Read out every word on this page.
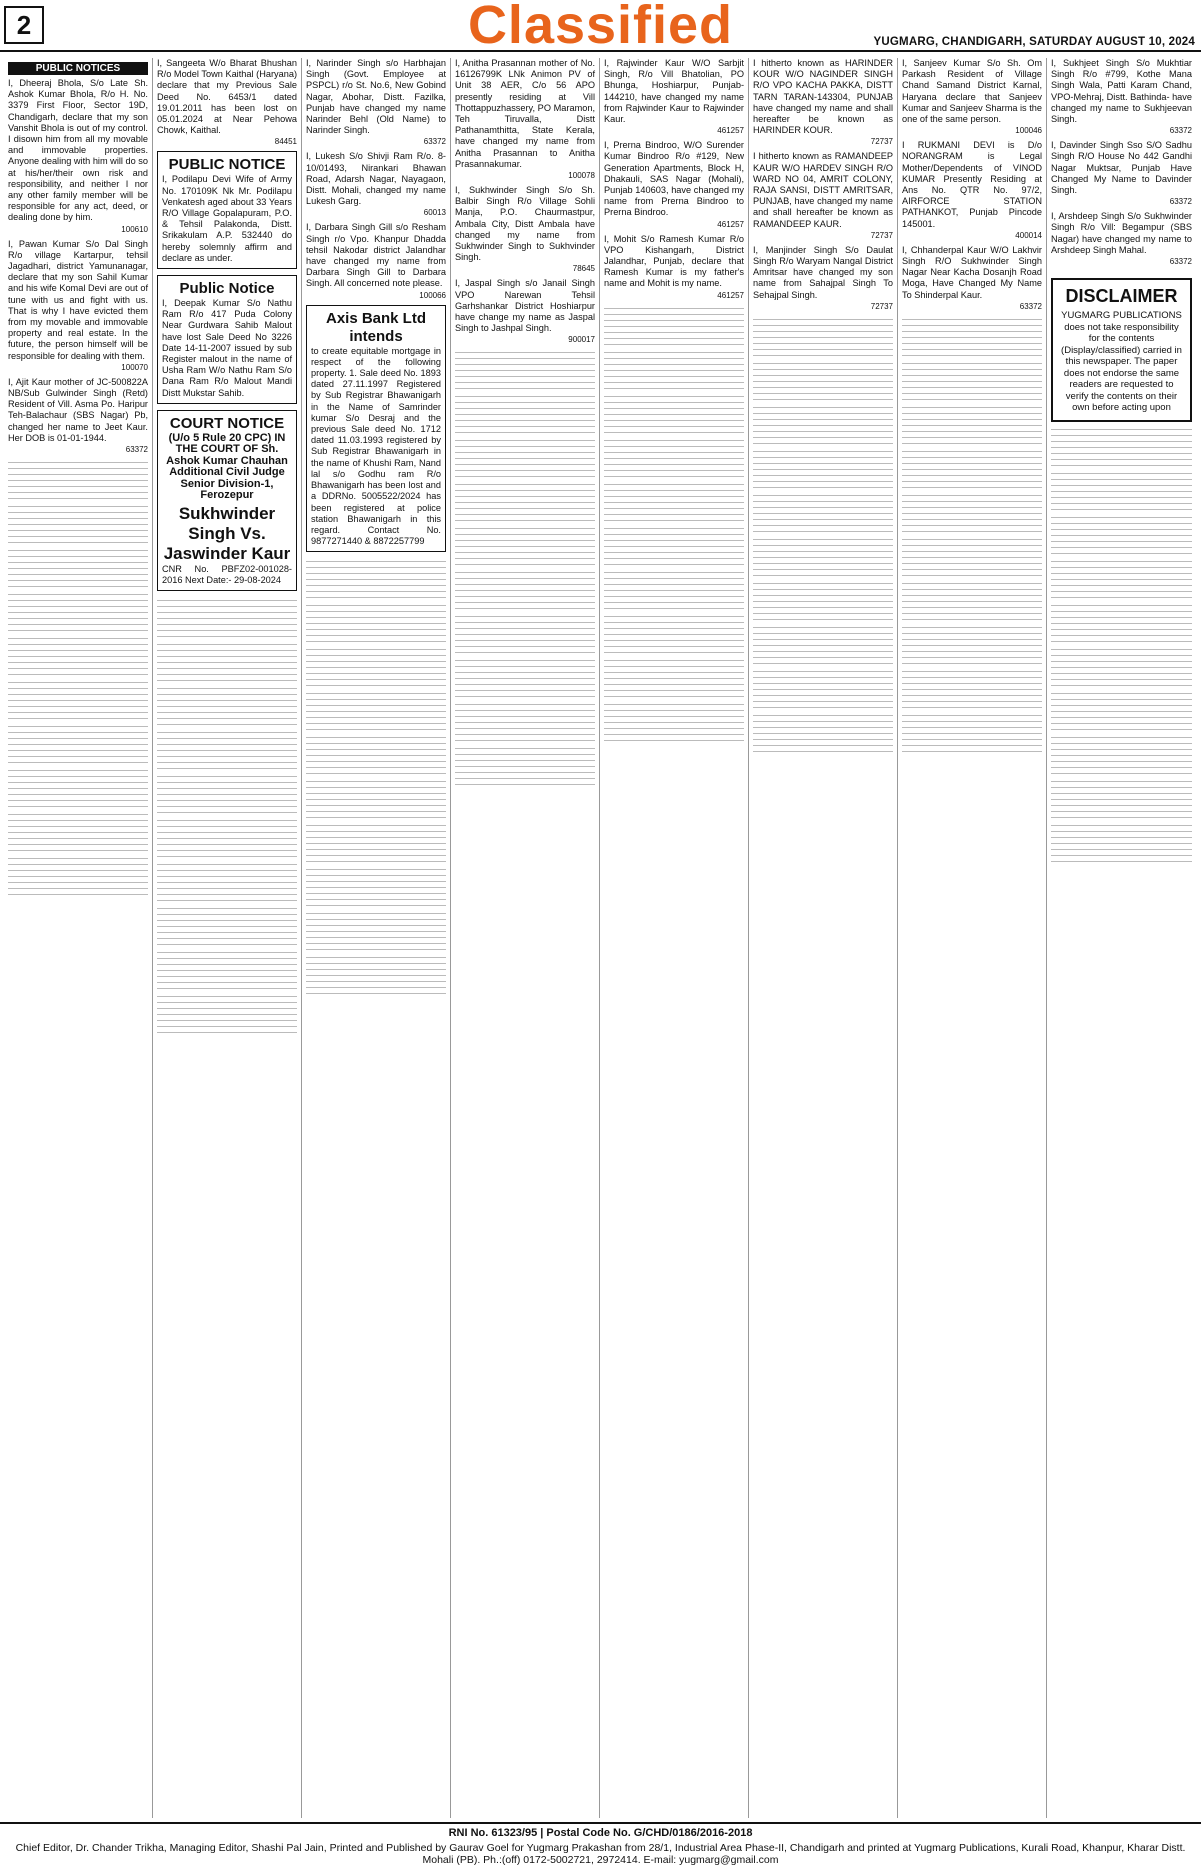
2	Classified	YUGMARG, CHANDIGARH, SATURDAY AUGUST 10, 2024
PUBLIC NOTICES
I, Dheeraj Bhola, S/o Late Sh. Ashok Kumar Bhola, R/o H. No. 3379 First Floor, Sector 19D, Chandigarh, declare that my son Vanshit Bhola is out of my control. I disown him from all my movable and immovable properties. Anyone dealing with him will do so at his/her/their own risk and responsibility, and neither I nor any other family member will be responsible for any act, deed, or dealing done by him.
100610
I, Pawan Kumar S/o Dal Singh R/o village Kartarpur, tehsil Jagadhari, district Yamunanagar, declare that my son Sahil Kumar and his wife Komal Devi are out of tune with us and fight with us. That is why I have evicted them from my movable and immovable property and real estate. In the future, the person himself will be responsible for dealing with them.
100070
I, Ajit Kaur mother of JC-500822A NB/Sub Gulwinder Singh (Retd) Resident of Vill. Asma Po. Haripur Teh-Balachaur (SBS Nagar) Pb, changed her name to Jeet Kaur. Her DOB is 01-01-1944.
63372
I, Sangeeta W/o Bharat Bhushan R/o Model Town Kaithal (Haryana) declare that my Previous Sale Deed No. 6453/1 dated 19.01.2011 has been lost on 05.01.2024 at Near Pehowa Chowk, Kaithal.
84451
PUBLIC NOTICE
I, Podilapu Devi Wife of Army No. 170109K Nk Mr. Podilapu Venkatesh aged about 33 Years R/O Village Gopalapuram, P.O. & Tehsil Palakonda, Distt. Srikakulam A.P. 532440 do hereby solemnly affirm and declare as under.
Public Notice
I, Deepak Kumar S/o Nathu Ram R/o 417 Puda Colony Near Gurdwara Sahib Malout have lost Sale Deed No 3226 Date 14-11-2007 issued by sub Register malout in the name of Usha Ram W/o Nathu Ram S/o Dana Ram R/o Malout Mandi Distt Mukstar Sahib.
COURT NOTICE
(U/o 5 Rule 20 CPC) IN THE COURT OF Sh. Ashok Kumar Chauhan Additional Civil Judge Senior Division-1, Ferozepur
Sukhwinder Singh Vs. Jaswinder Kaur
CNR No. PBFZ02-001028-2016 Next Date:- 29-08-2024
I, Narinder Singh s/o Harbhajan Singh (Govt. Employee at PSPCL) r/o St. No.6, New Gobind Nagar, Abohar, Distt. Fazilka, Punjab have changed my name Narinder Behl (Old Name) to Narinder Singh.
63372
I, Lukesh S/o Shivji Ram R/o. 8-10/01493, Nirankari Bhawan Road, Adarsh Nagar, Nayagaon, Distt. Mohali, changed my name Lukesh Garg.
60013
I, Darbara Singh Gill s/o Resham Singh r/o Vpo. Khanpur Dhadda tehsil Nakodar district Jalandhar have changed my name from Darbara Singh Gill to Darbara Singh. All concerned note please.
100066
Axis Bank Ltd intends
to create equitable mortgage in respect of the following property. 1. Sale deed No. 1893 dated 27.11.1997 Registered by Sub Registrar Bhawanigarh in the Name of Samrinder kumar S/o Desraj and the previous Sale deed No. 1712 dated 11.03.1993 registered by Sub Registrar Bhawanigarh in the name of Khushi Ram, Nand lal s/o Godhu ram R/o Bhawanigarh has been lost and a DDRNo. 5005522/2024 has been registered at police station Bhawanigarh in this regard. Contact No. 9877271440 & 8872257799
I, Anitha Prasannan mother of No. 16126799K LNk Animon PV of Unit 38 AER, C/o 56 APO presently residing at Vill Thottappuzhassery, PO Maramon, Teh Tiruvalla, Distt Pathanamthitta, State Kerala, have changed my name from Anitha Prasannan to Anitha Prasannakumar.
100078
I, Sukhwinder Singh S/o Sh. Balbir Singh R/o Village Sohli Manja, P.O. Chaurmastpur, Ambala City, Distt Ambala have changed my name from Sukhwinder Singh to Sukhvinder Singh.
78645
I, Jaspal Singh s/o Janail Singh VPO Narewan Tehsil Garhshankar District Hoshiarpur have change my name as Jaspal Singh to Jashpal Singh.
900017
I, Rajwinder Kaur W/O Sarbjit Singh, R/o Vill Bhatolian, PO Bhunga, Hoshiarpur, Punjab-144210, have changed my name from Rajwinder Kaur to Rajwinder Kaur.
461257
I, Prerna Bindroo, W/O Surender Kumar Bindroo R/o #129, New Generation Apartments, Block H, Dhakauli, SAS Nagar (Mohali), Punjab 140603, have changed my name from Prerna Bindroo to Prerna Bindroo.
461257
I, Mohit S/o Ramesh Kumar R/o VPO Kishangarh, District Jalandhar, Punjab, declare that Ramesh Kumar is my father's name and Mohit is my name.
461257
I hitherto known as HARINDER KOUR W/O NAGINDER SINGH R/O VPO KACHA PAKKA, DISTT TARN TARAN-143304, PUNJAB have changed my name and shall hereafter be known as HARINDER KOUR.
72737
I hitherto known as RAMANDEEP KAUR W/O HARDEV SINGH R/O WARD NO 04, AMRIT COLONY, RAJA SANSI, DISTT AMRITSAR, PUNJAB, have changed my name and shall hereafter be known as RAMANDEEP KAUR.
72737
I, Manjinder Singh S/o Daulat Singh R/o Waryam Nangal District Amritsar have changed my son name from Sahajpal Singh To Sehajpal Singh.
72737
I, Sanjeev Kumar S/o Sh. Om Parkash Resident of Village Chand Samand District Karnal, Haryana declare that Sanjeev Kumar and Sanjeev Sharma is the one of the same person.
100046
I RUKMANI DEVI is D/o NORANGRAM is Legal Mother/Dependents of VINOD KUMAR Presently Residing at Ans No. QTR No. 97/2, AIRFORCE STATION PATHANKOT, Punjab Pincode 145001.
400014
I, Chhanderpal Kaur W/O Lakhvir Singh R/O Sukhwinder Singh Nagar Near Kacha Dosanjh Road Moga, Have Changed My Name To Shinderpal Kaur.
63372
I, Sukhjeet Singh S/o Mukhtiar Singh R/o #799, Kothe Mana Singh Wala, Patti Karam Chand, VPO-Mehraj, Distt. Bathinda- have changed my name to Sukhjeevan Singh.
63372
I, Davinder Singh Sso S/O Sadhu Singh R/O House No 442 Gandhi Nagar Muktsar, Punjab Have Changed My Name to Davinder Singh.
63372
I, Arshdeep Singh S/o Sukhwinder Singh R/o Vill: Begampur (SBS Nagar) have changed my name to Arshdeep Singh Mahal.
63372
DISCLAIMER
YUGMARG PUBLICATIONS does not take responsibility for the contents (Display/classified) carried in this newspaper. The paper does not endorse the same readers are requested to verify the contents on their own before acting upon
RNI No. 61323/95 | Postal Code No. G/CHD/0186/2016-2018
Chief Editor, Dr. Chander Trikha, Managing Editor, Shashi Pal Jain, Printed and Published by Gaurav Goel for Yugmarg Prakashan from 28/1, Industrial Area Phase-II, Chandigarh and printed at Yugmarg Publications, Kurali Road, Khanpur, Kharar Distt. Mohali (PB). Ph.:(off) 0172-5002721, 2972414. E-mail: yugmarg@gmail.com
